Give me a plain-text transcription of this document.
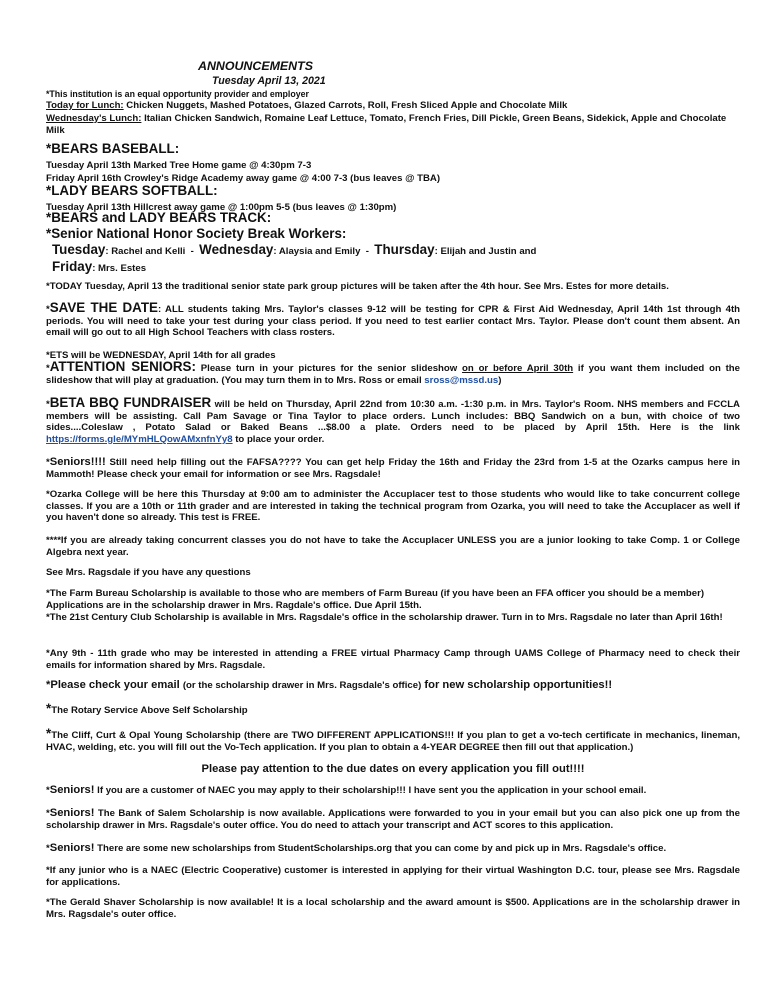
ANNOUNCEMENTS

Tuesday April 13, 2021

*This institution is an equal opportunity provider and employer

Today for Lunch: Chicken Nuggets, Mashed Potatoes, Glazed Carrots, Roll, Fresh Sliced Apple and Chocolate Milk

Wednesday's Lunch: Italian Chicken Sandwich, Romaine Leaf Lettuce, Tomato, French Fries, Dill Pickle, Green Beans, Sidekick, Apple and Chocolate Milk

*BEARS BASEBALL:

Tuesday April 13th Marked Tree Home game @ 4:30pm 7-3

Friday April 16th Crowley's Ridge Academy away game @ 4:00 7-3 (bus leaves @ TBA)

*LADY BEARS SOFTBALL:

Tuesday April 13th Hillcrest away game @ 1:00pm 5-5 (bus leaves @ 1:30pm)

*BEARS and LADY BEARS TRACK:

*Senior National Honor Society Break Workers:

Tuesday: Rachel and Kelli  -  Wednesday: Alaysia and Emily  -  Thursday: Elijah and Justin and

Friday: Mrs. Estes

*TODAY Tuesday, April 13 the traditional senior state park group pictures will be taken after the 4th hour. See Mrs. Estes for more details.

*SAVE THE DATE: ALL students taking Mrs. Taylor's classes 9-12 will be testing for CPR & First Aid Wednesday, April 14th 1st through 4th periods. You will need to take your test during your class period. If you need to test earlier contact Mrs. Taylor. Please don't count them absent. An email will go out to all High School Teachers with class rosters.

*ETS will be WEDNESDAY, April 14th for all grades

*ATTENTION SENIORS: Please turn in your pictures for the senior slideshow on or before April 30th if you want them included on the slideshow that will play at graduation. (You may turn them in to Mrs. Ross or email sross@mssd.us)

*BETA BBQ FUNDRAISER will be held on Thursday, April 22nd from 10:30 a.m. -1:30 p.m. in Mrs. Taylor's Room. NHS members and FCCLA members will be assisting. Call Pam Savage or Tina Taylor to place orders. Lunch includes: BBQ Sandwich on a bun, with choice of two sides....Coleslaw , Potato Salad or Baked Beans ...$8.00 a plate. Orders need to be placed by April 15th. Here is the link https://forms.gle/MYmHLQowAMxnfnYy8 to place your order.

*Seniors!!!! Still need help filling out the FAFSA???? You can get help Friday the 16th and Friday the 23rd from 1-5 at the Ozarks campus here in Mammoth! Please check your email for information or see Mrs. Ragsdale!

*Ozarka College will be here this Thursday at 9:00 am to administer the Accuplacer test to those students who would like to take concurrent college classes. If you are a 10th or 11th grader and are interested in taking the technical program from Ozarka, you will need to take the Accuplacer as well if you haven't done so already. This test is FREE.

****If you are already taking concurrent classes you do not have to take the Accuplacer UNLESS you are a junior looking to take Comp. 1 or College Algebra next year.

See Mrs. Ragsdale if you have any questions

*The Farm Bureau Scholarship is available to those who are members of Farm Bureau (if you have been an FFA officer you should be a member) Applications are in the scholarship drawer in Mrs. Ragdale's office. Due April 15th.

*The 21st Century Club Scholarship is available in Mrs. Ragsdale's office in the scholarship drawer. Turn in to Mrs. Ragsdale no later than April 16th!

*Any 9th - 11th grade who may be interested in attending a FREE virtual Pharmacy Camp through UAMS College of Pharmacy need to check their emails for information shared by Mrs. Ragsdale.

*Please check your email (or the scholarship drawer in Mrs. Ragsdale's office) for new scholarship opportunities!!

*The Rotary Service Above Self Scholarship

*The Cliff, Curt & Opal Young Scholarship (there are TWO DIFFERENT APPLICATIONS!!! If you plan to get a vo-tech certificate in mechanics, lineman, HVAC, welding, etc. you will fill out the Vo-Tech application. If you plan to obtain a 4-YEAR DEGREE then fill out that application.)

Please pay attention to the due dates on every application you fill out!!!!

*Seniors! If you are a customer of NAEC you may apply to their scholarship!!! I have sent you the application in your school email.

*Seniors! The Bank of Salem Scholarship is now available. Applications were forwarded to you in your email but you can also pick one up from the scholarship drawer in Mrs. Ragsdale's outer office. You do need to attach your transcript and ACT scores to this application.

*Seniors! There are some new scholarships from StudentScholarships.org that you can come by and pick up in Mrs. Ragsdale's office.

*If any junior who is a NAEC (Electric Cooperative) customer is interested in applying for their virtual Washington D.C. tour, please see Mrs. Ragsdale for applications.

*The Gerald Shaver Scholarship is now available! It is a local scholarship and the award amount is $500. Applications are in the scholarship drawer in Mrs. Ragsdale's outer office.
